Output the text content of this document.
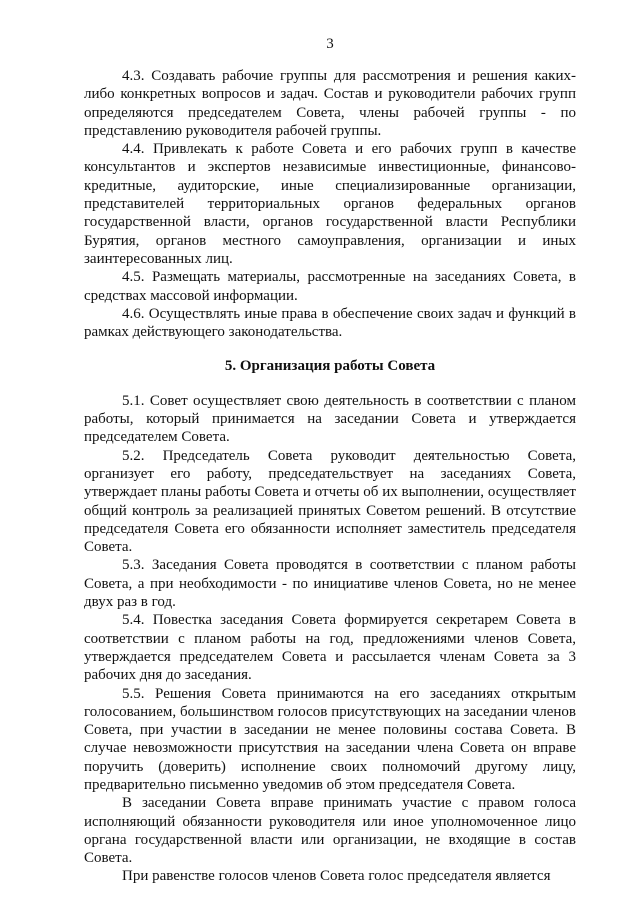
3

4.3. Создавать рабочие группы для рассмотрения и решения каких-либо конкретных вопросов и задач. Состав и руководители рабочих групп определяются председателем Совета, члены рабочей группы - по представлению руководителя рабочей группы.

4.4. Привлекать к работе Совета и его рабочих групп в качестве консультантов и экспертов независимые инвестиционные, финансово-кредитные, аудиторские, иные специализированные организации, представителей территориальных органов федеральных органов государственной власти, органов государственной власти Республики Бурятия, органов местного самоуправления, организации и иных заинтересованных лиц.

4.5. Размещать материалы, рассмотренные на заседаниях Совета, в средствах массовой информации.

4.6. Осуществлять иные права в обеспечение своих задач и функций в рамках действующего законодательства.

5. Организация работы Совета

5.1. Совет осуществляет свою деятельность в соответствии с планом работы, который принимается на заседании Совета и утверждается председателем Совета.

5.2. Председатель Совета руководит деятельностью Совета, организует его работу, председательствует на заседаниях Совета, утверждает планы работы Совета и отчеты об их выполнении, осуществляет общий контроль за реализацией принятых Советом решений. В отсутствие председателя Совета его обязанности исполняет заместитель председателя Совета.

5.3. Заседания Совета проводятся в соответствии с планом работы Совета, а при необходимости - по инициативе членов Совета, но не менее двух раз в год.

5.4. Повестка заседания Совета формируется секретарем Совета в соответствии с планом работы на год, предложениями членов Совета, утверждается председателем Совета и рассылается членам Совета за 3 рабочих дня до заседания.

5.5. Решения Совета принимаются на его заседаниях открытым голосованием, большинством голосов присутствующих на заседании членов Совета, при участии в заседании не менее половины состава Совета. В случае невозможности присутствия на заседании члена Совета он вправе поручить (доверить) исполнение своих полномочий другому лицу, предварительно письменно уведомив об этом председателя Совета.

В заседании Совета вправе принимать участие с правом голоса исполняющий обязанности руководителя или иное уполномоченное лицо органа государственной власти или организации, не входящие в состав Совета.

При равенстве голосов членов Совета голос председателя является
